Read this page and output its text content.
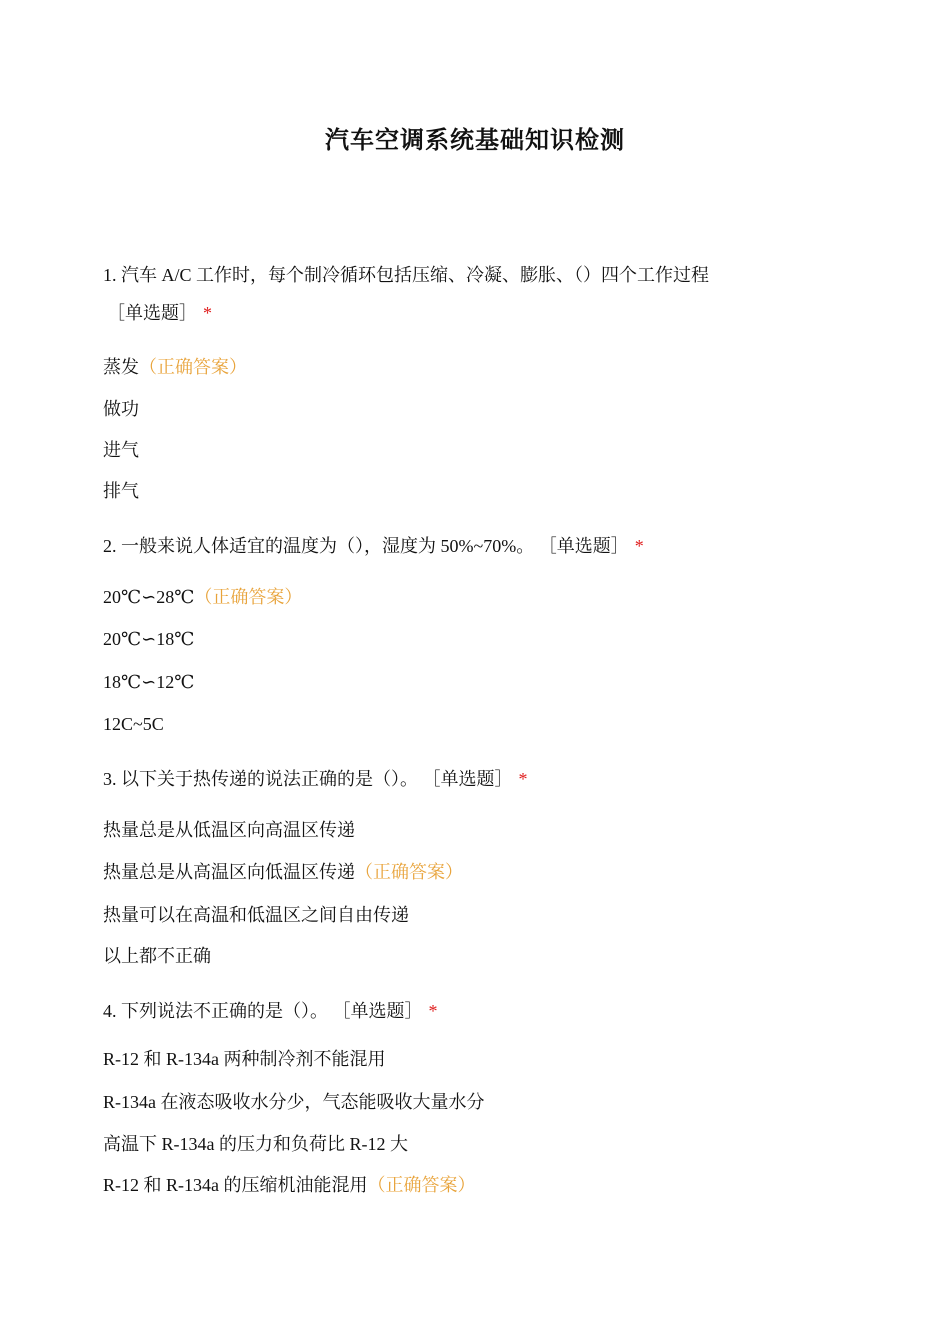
汽车空调系统基础知识检测
1. 汽车 A/C 工作时，每个制冷循环包括压缩、冷凝、膨胀、（）四个工作过程
［单选题］ *
蒸发（正确答案）
做功
进气
排气
2. 一般来说人体适宜的温度为（），湿度为 50%~70%。 ［单选题］ *
20℃∽28℃（正确答案）
20℃∽18℃
18℃∽12℃
12C~5C
3. 以下关于热传递的说法正确的是（）。 ［单选题］ *
热量总是从低温区向高温区传递
热量总是从高温区向低温区传递（正确答案）
热量可以在高温和低温区之间自由传递
以上都不正确
4. 下列说法不正确的是（）。 ［单选题］ *
R-12 和 R-134a 两种制冷剂不能混用
R-134a 在液态吸收水分少，气态能吸收大量水分
高温下 R-134a 的压力和负荷比 R-12 大
R-12 和 R-134a 的压缩机油能混用（正确答案）
